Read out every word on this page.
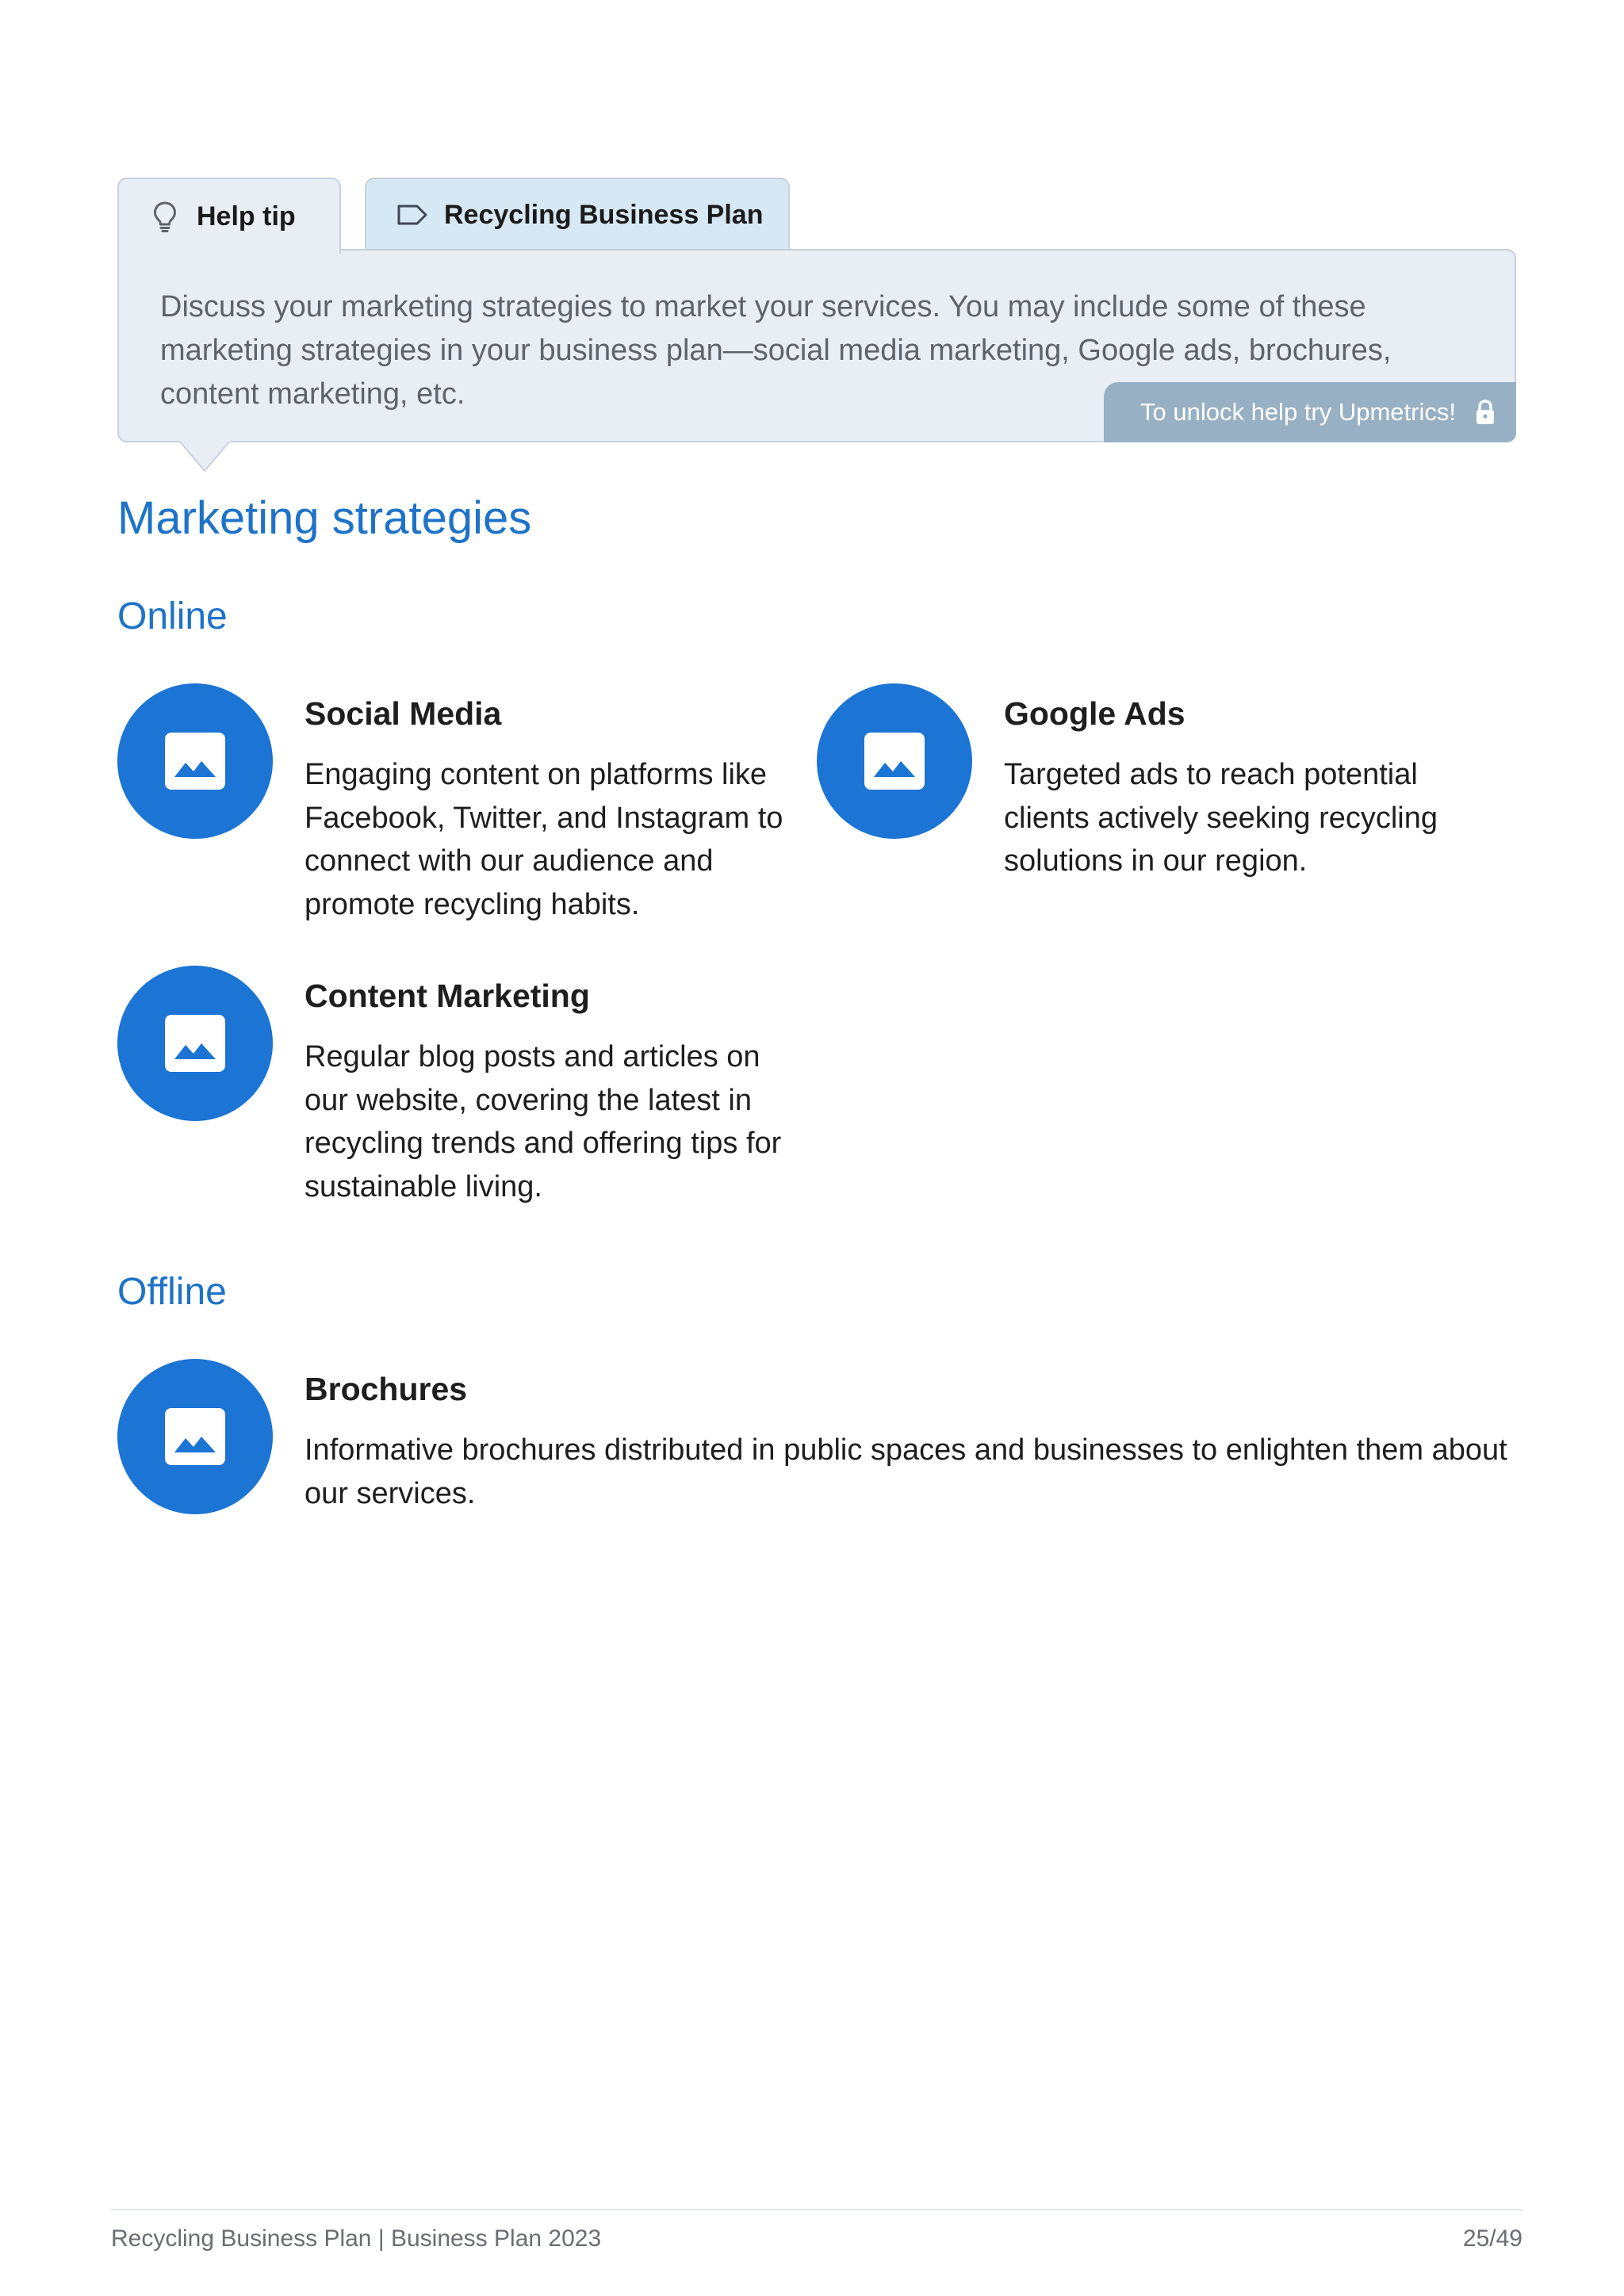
Help tip	Recycling Business Plan
Discuss your marketing strategies to market your services. You may include some of these marketing strategies in your business plan—social media marketing, Google ads, brochures, content marketing, etc.
To unlock help try Upmetrics!
Marketing strategies
Online
Social Media
Engaging content on platforms like Facebook, Twitter, and Instagram to connect with our audience and promote recycling habits.
Google Ads
Targeted ads to reach potential clients actively seeking recycling solutions in our region.
Content Marketing
Regular blog posts and articles on our website, covering the latest in recycling trends and offering tips for sustainable living.
Offline
Brochures
Informative brochures distributed in public spaces and businesses to enlighten them about our services.
Recycling Business Plan | Business Plan 2023	25/49
